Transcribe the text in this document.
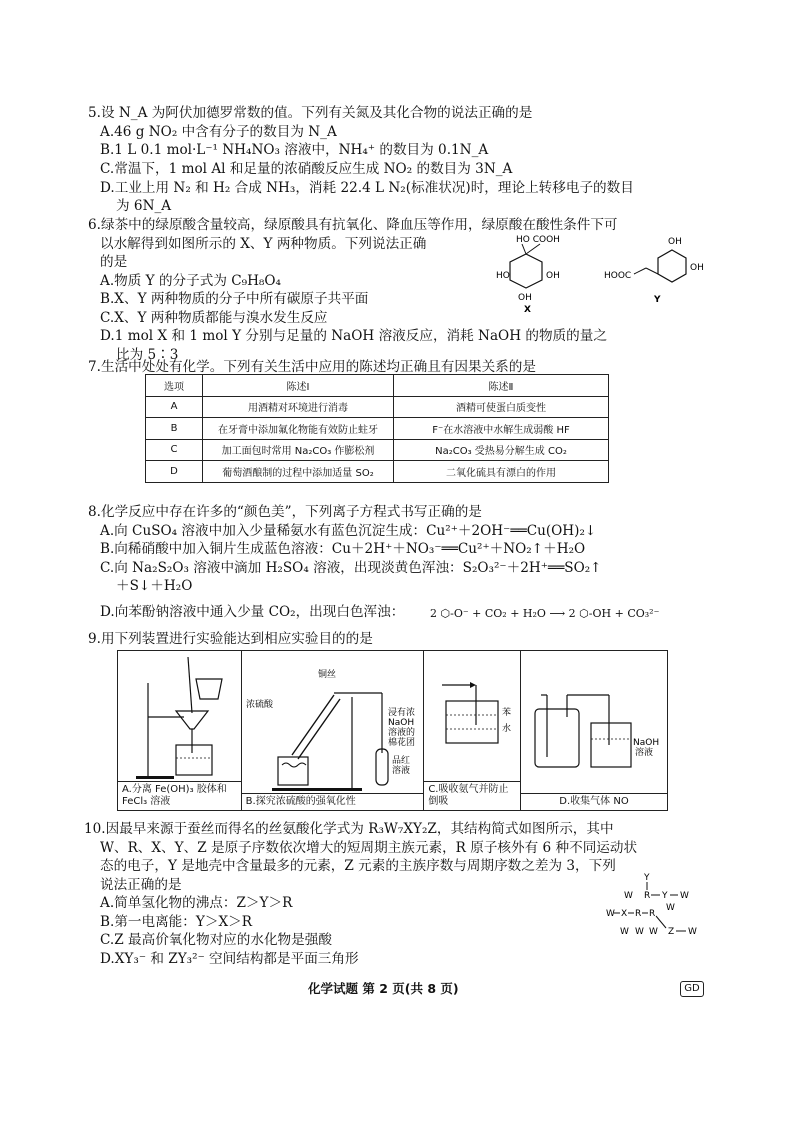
5.设 N_A 为阿伏加德罗常数的值。下列有关氮及其化合物的说法正确的是
A.46 g NO₂ 中含有分子的数目为 N_A
B.1 L 0.1 mol·L⁻¹ NH₄NO₃ 溶液中，NH₄⁺ 的数目为 0.1N_A
C.常温下，1 mol Al 和足量的浓硝酸反应生成 NO₂ 的数目为 3N_A
D.工业上用 N₂ 和 H₂ 合成 NH₃，消耗 22.4 L N₂(标准状况)时，理论上转移电子的数目
为 6N_A
6.绿茶中的绿原酸含量较高，绿原酸具有抗氧化、降血压等作用，绿原酸在酸性条件下可
以水解得到如图所示的 X、Y 两种物质。下列说法正确
的是
A.物质 Y 的分子式为 C₉H₈O₄
B.X、Y 两种物质的分子中所有碳原子共平面
C.X、Y 两种物质都能与溴水发生反应
D.1 mol X 和 1 mol Y 分别与足量的 NaOH 溶液反应，消耗 NaOH 的物质的量之
比为 5∶3
HO COOH
HO	OH
OH
X
OH
OH
HOOC
Y
7.生活中处处有化学。下列有关生活中应用的陈述均正确且有因果关系的是
选项	陈述Ⅰ	陈述Ⅱ
A	用酒精对环境进行消毒	酒精可使蛋白质变性
B	在牙膏中添加氟化物能有效防止蛀牙	F⁻在水溶液中水解生成弱酸 HF
C	加工面包时常用 Na₂CO₃ 作膨松剂	Na₂CO₃ 受热易分解生成 CO₂
D	葡萄酒酿制的过程中添加适量 SO₂	二氧化硫具有漂白的作用
8.化学反应中存在许多的“颜色美”，下列离子方程式书写正确的是
A.向 CuSO₄ 溶液中加入少量稀氨水有蓝色沉淀生成：Cu²⁺＋2OH⁻══Cu(OH)₂↓
B.向稀硝酸中加入铜片生成蓝色溶液：Cu＋2H⁺＋NO₃⁻══Cu²⁺＋NO₂↑＋H₂O
C.向 Na₂S₂O₃ 溶液中滴加 H₂SO₄ 溶液，出现淡黄色浑浊：S₂O₃²⁻＋2H⁺══SO₂↑
＋S↓＋H₂O
D.向苯酚钠溶液中通入少量 CO₂，出现白色浑浊： 2 ⬡-O⁻ + CO₂ + H₂O ⟶ 2 ⬡-OH + CO₃²⁻
9.用下列装置进行实验能达到相应实验目的的是
A.分离 Fe(OH)₃ 胶体和 FeCl₃ 溶液

铜丝
浓硫酸
浸有浓
NaOH
溶液的
棉花团
品红
溶液
B.探究浓硫酸的强氧化性

苯
水
C.吸收氨气并防止倒吸

NaOH
溶液
D.收集气体 NO
10.因最早来源于蚕丝而得名的丝氨酸化学式为 R₃W₇XY₂Z，其结构简式如图所示，其中
W、R、X、Y、Z 是原子序数依次增大的短周期主族元素，R 原子核外有 6 种不同运动状
态的电子，Y 是地壳中含量最多的元素，Z 元素的主族序数与周期序数之差为 3，下列
说法正确的是
A.简单氢化物的沸点：Z＞Y＞R
B.第一电离能：Y＞X＞R
C.Z 最高价氧化物对应的水化物是强酸
D.XY₃⁻ 和 ZY₃²⁻ 空间结构都是平面三角形
Y
W R Y W
W X R R
W
Z W
W W W
化学试题 第 2 页(共 8 页)	GD
